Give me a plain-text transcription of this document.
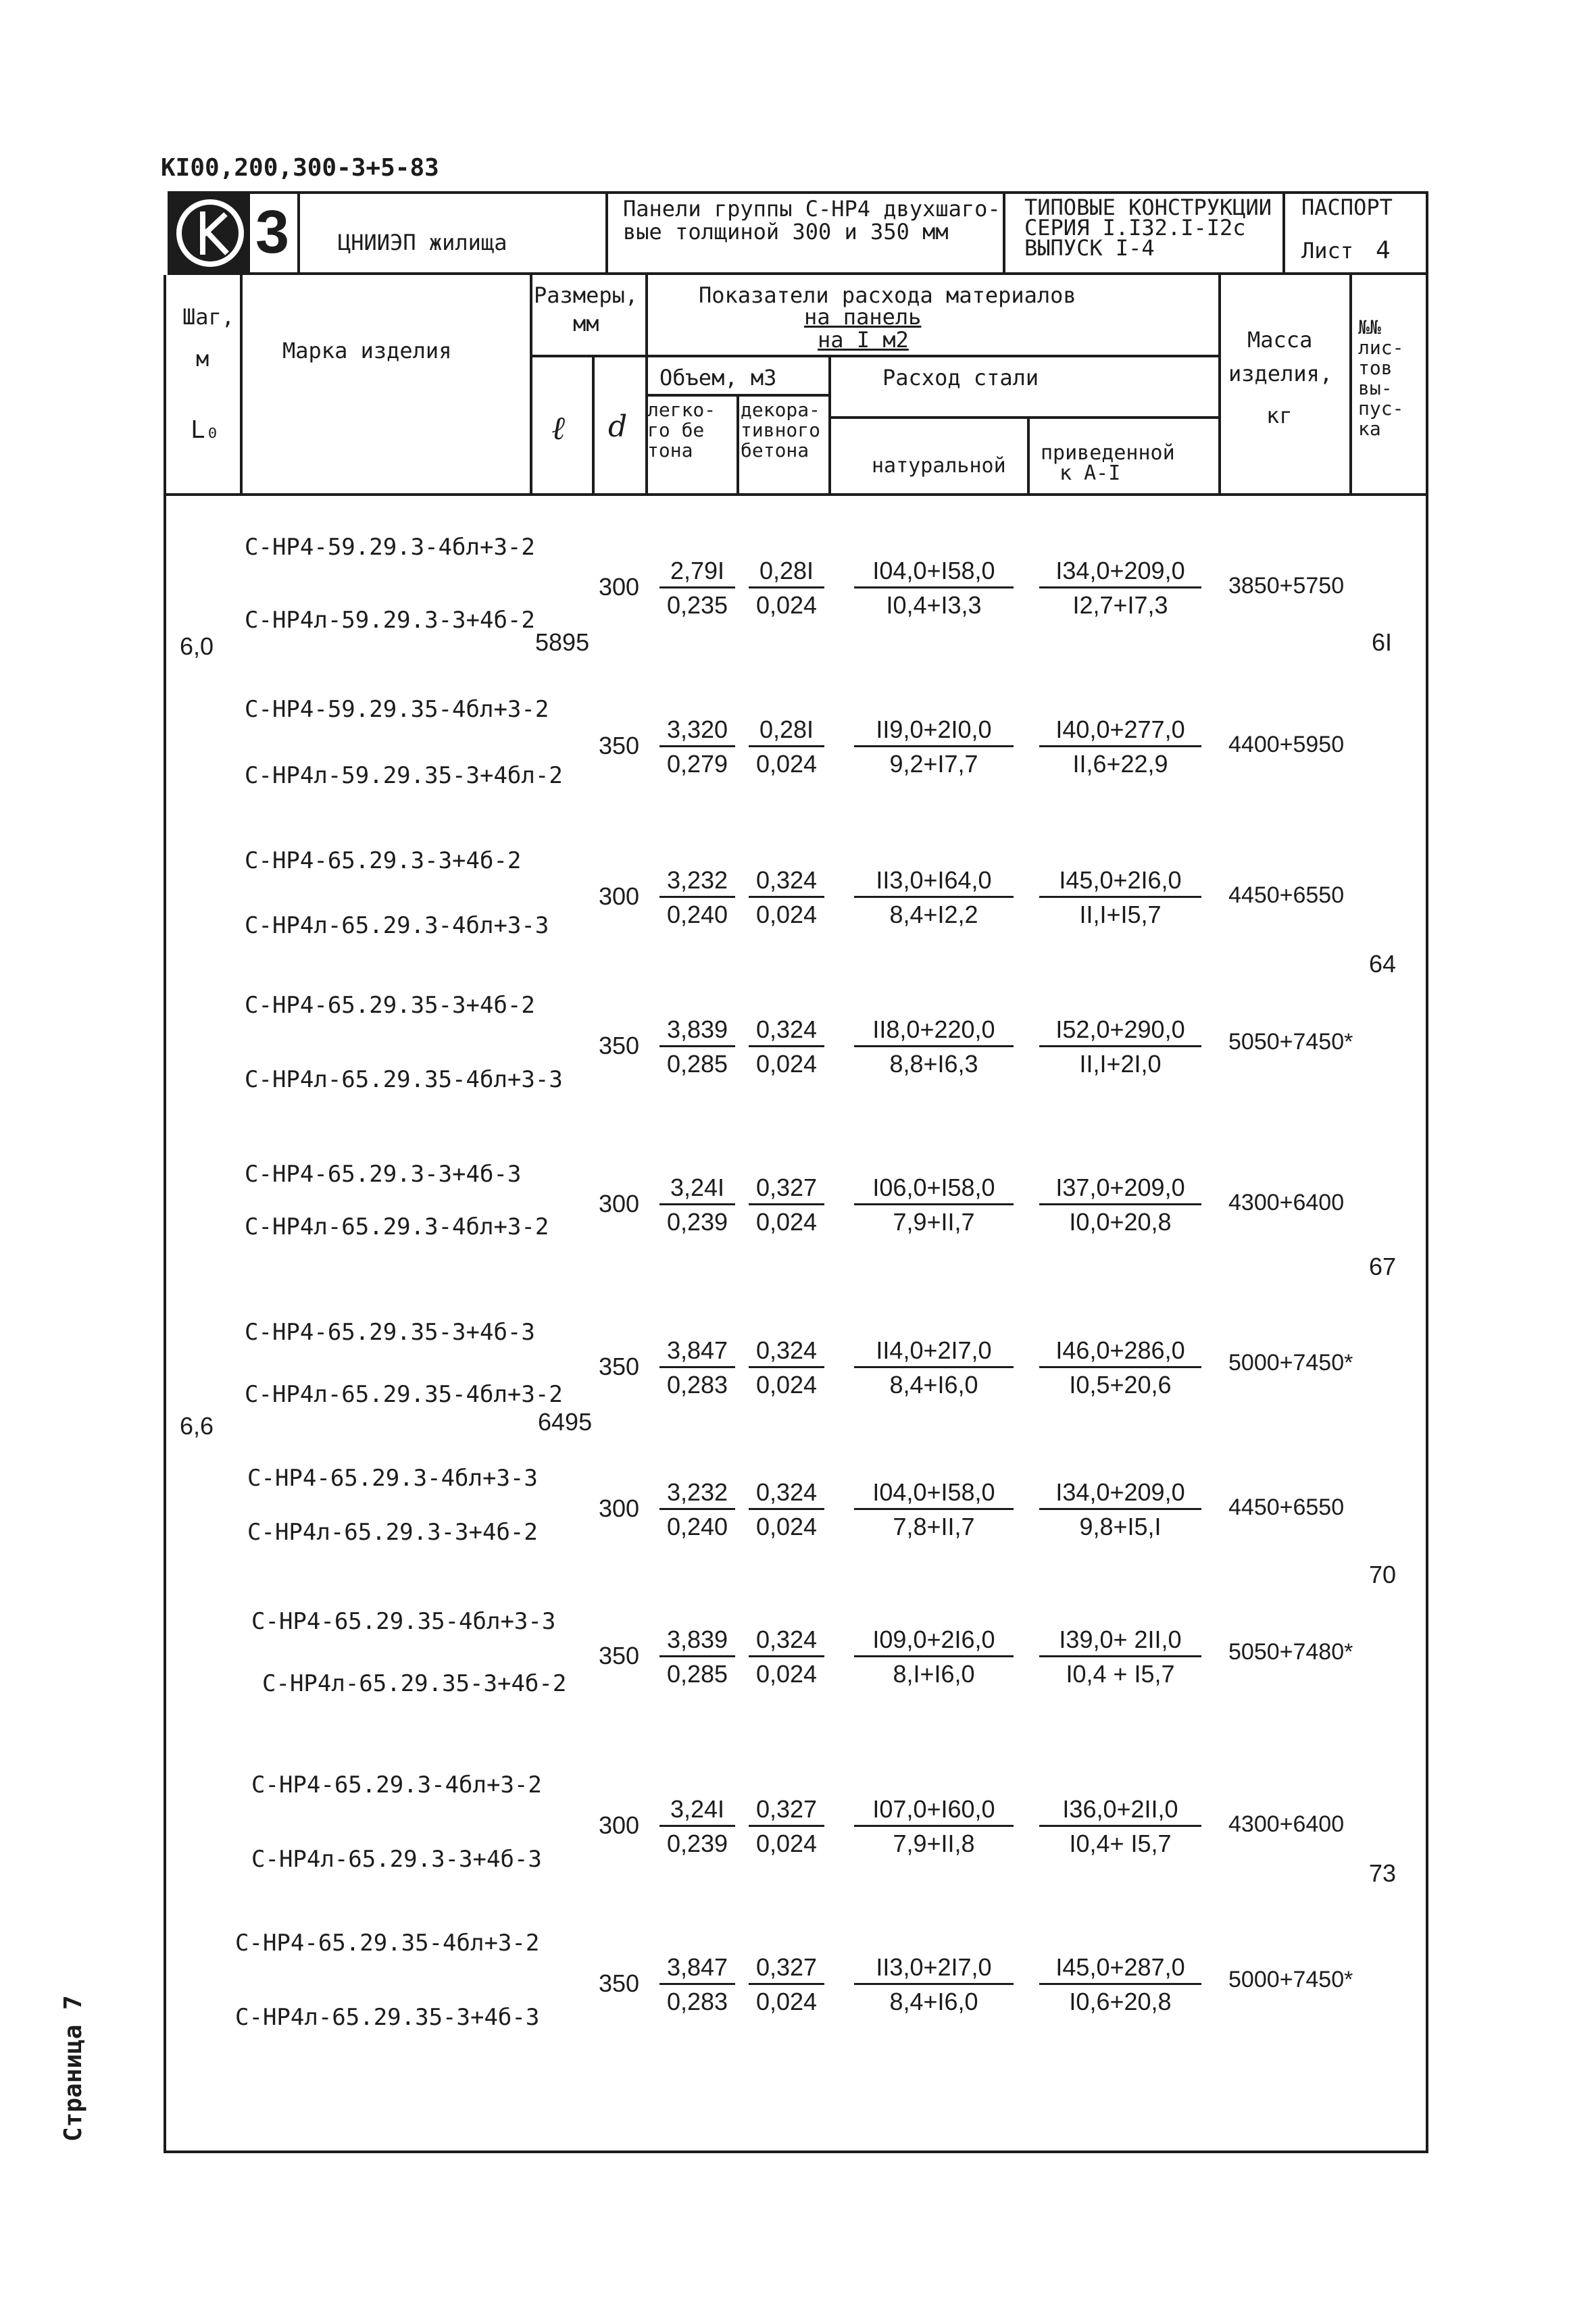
КI00,200,300-3+5-83
3 ЦНИИЭП жилища
Панели группы С-НР4 двухшаго-
вые толщиной 300 и 350 мм
ТИПОВЫЕ КОНСТРУКЦИИ
СЕРИЯ I.I32.I-I2с
ВЫПУСК I-4
ПАСПОРТ
Лист 4
Шаг,
м
L₀
Марка изделия
Размеры,
мм
ℓ d
Показатели расхода материалов
на панель
на I м2
Объем, м3
легко-
го бе
тона
декора-
тивного
бетона
Расход стали
натуральной
приведенной
к А-I
Масса
изделия,
кг
№№
лис-
тов
вы-
пус-
ка
6,0	5895
6,6	6495
6I
64
67
70
73
С-НР4-59.29.3-4бл+3-2
С-НР4л-59.29.3-3+4б-2
$300 \frac{2,79I}{0,235} \frac{0,28I}{0,024} \frac{I04,0+I58,0}{I0,4+I3,3} \frac{I34,0+209,0}{I2,7+I7,3} 3850+5750$
С-НР4-59.29.35-4бл+3-2
С-НР4л-59.29.35-3+4бл-2
$350 \frac{3,320}{0,279} \frac{0,28I}{0,024} \frac{II9,0+2I0,0}{9,2+I7,7} \frac{I40,0+277,0}{II,6+22,9} 4400+5950$
С-НР4-65.29.3-3+4б-2
С-НР4л-65.29.3-4бл+3-3
$300 \frac{3,232}{0,240} \frac{0,324}{0,024} \frac{II3,0+I64,0}{8,4+I2,2} \frac{I45,0+2I6,0}{II,I+I5,7} 4450+6550$
С-НР4-65.29.35-3+4б-2
С-НР4л-65.29.35-4бл+3-3
$350 \frac{3,839}{0,285} \frac{0,324}{0,024} \frac{II8,0+220,0}{8,8+I6,3} \frac{I52,0+290,0}{II,I+2I,0} 5050+7450*$
С-НР4-65.29.3-3+4б-3
С-НР4л-65.29.3-4бл+3-2
$300 \frac{3,24I}{0,239} \frac{0,327}{0,024} \frac{I06,0+I58,0}{7,9+II,7} \frac{I37,0+209,0}{I0,0+20,8} 4300+6400$
С-НР4-65.29.35-3+4б-3
С-НР4л-65.29.35-4бл+3-2
$350 \frac{3,847}{0,283} \frac{0,324}{0,024} \frac{II4,0+2I7,0}{8,4+I6,0} \frac{I46,0+286,0}{I0,5+20,6} 5000+7450*$
С-НР4-65.29.3-4бл+3-3
С-НР4л-65.29.3-3+4б-2
$300 \frac{3,232}{0,240} \frac{0,324}{0,024} \frac{I04,0+I58,0}{7,8+II,7} \frac{I34,0+209,0}{9,8+I5,I} 4450+6550$
С-НР4-65.29.35-4бл+3-3
С-НР4л-65.29.35-3+4б-2
$350 \frac{3,839}{0,285} \frac{0,324}{0,024} \frac{I09,0+2I6,0}{8,I+I6,0} \frac{I39,0+ 2II,0}{I0,4 + I5,7} 5050+7480*$
С-НР4-65.29.3-4бл+3-2
С-НР4л-65.29.3-3+4б-3
$300 \frac{3,24I}{0,239} \frac{0,327}{0,024} \frac{I07,0+I60,0}{7,9+II,8} \frac{I36,0+2II,0}{I0,4+ I5,7} 4300+6400$
С-НР4-65.29.35-4бл+3-2
С-НР4л-65.29.35-3+4б-3
$350 \frac{3,847}{0,283} \frac{0,327}{0,024} \frac{II3,0+2I7,0}{8,4+I6,0} \frac{I45,0+287,0}{I0,6+20,8} 5000+7450*$
Страница 7
